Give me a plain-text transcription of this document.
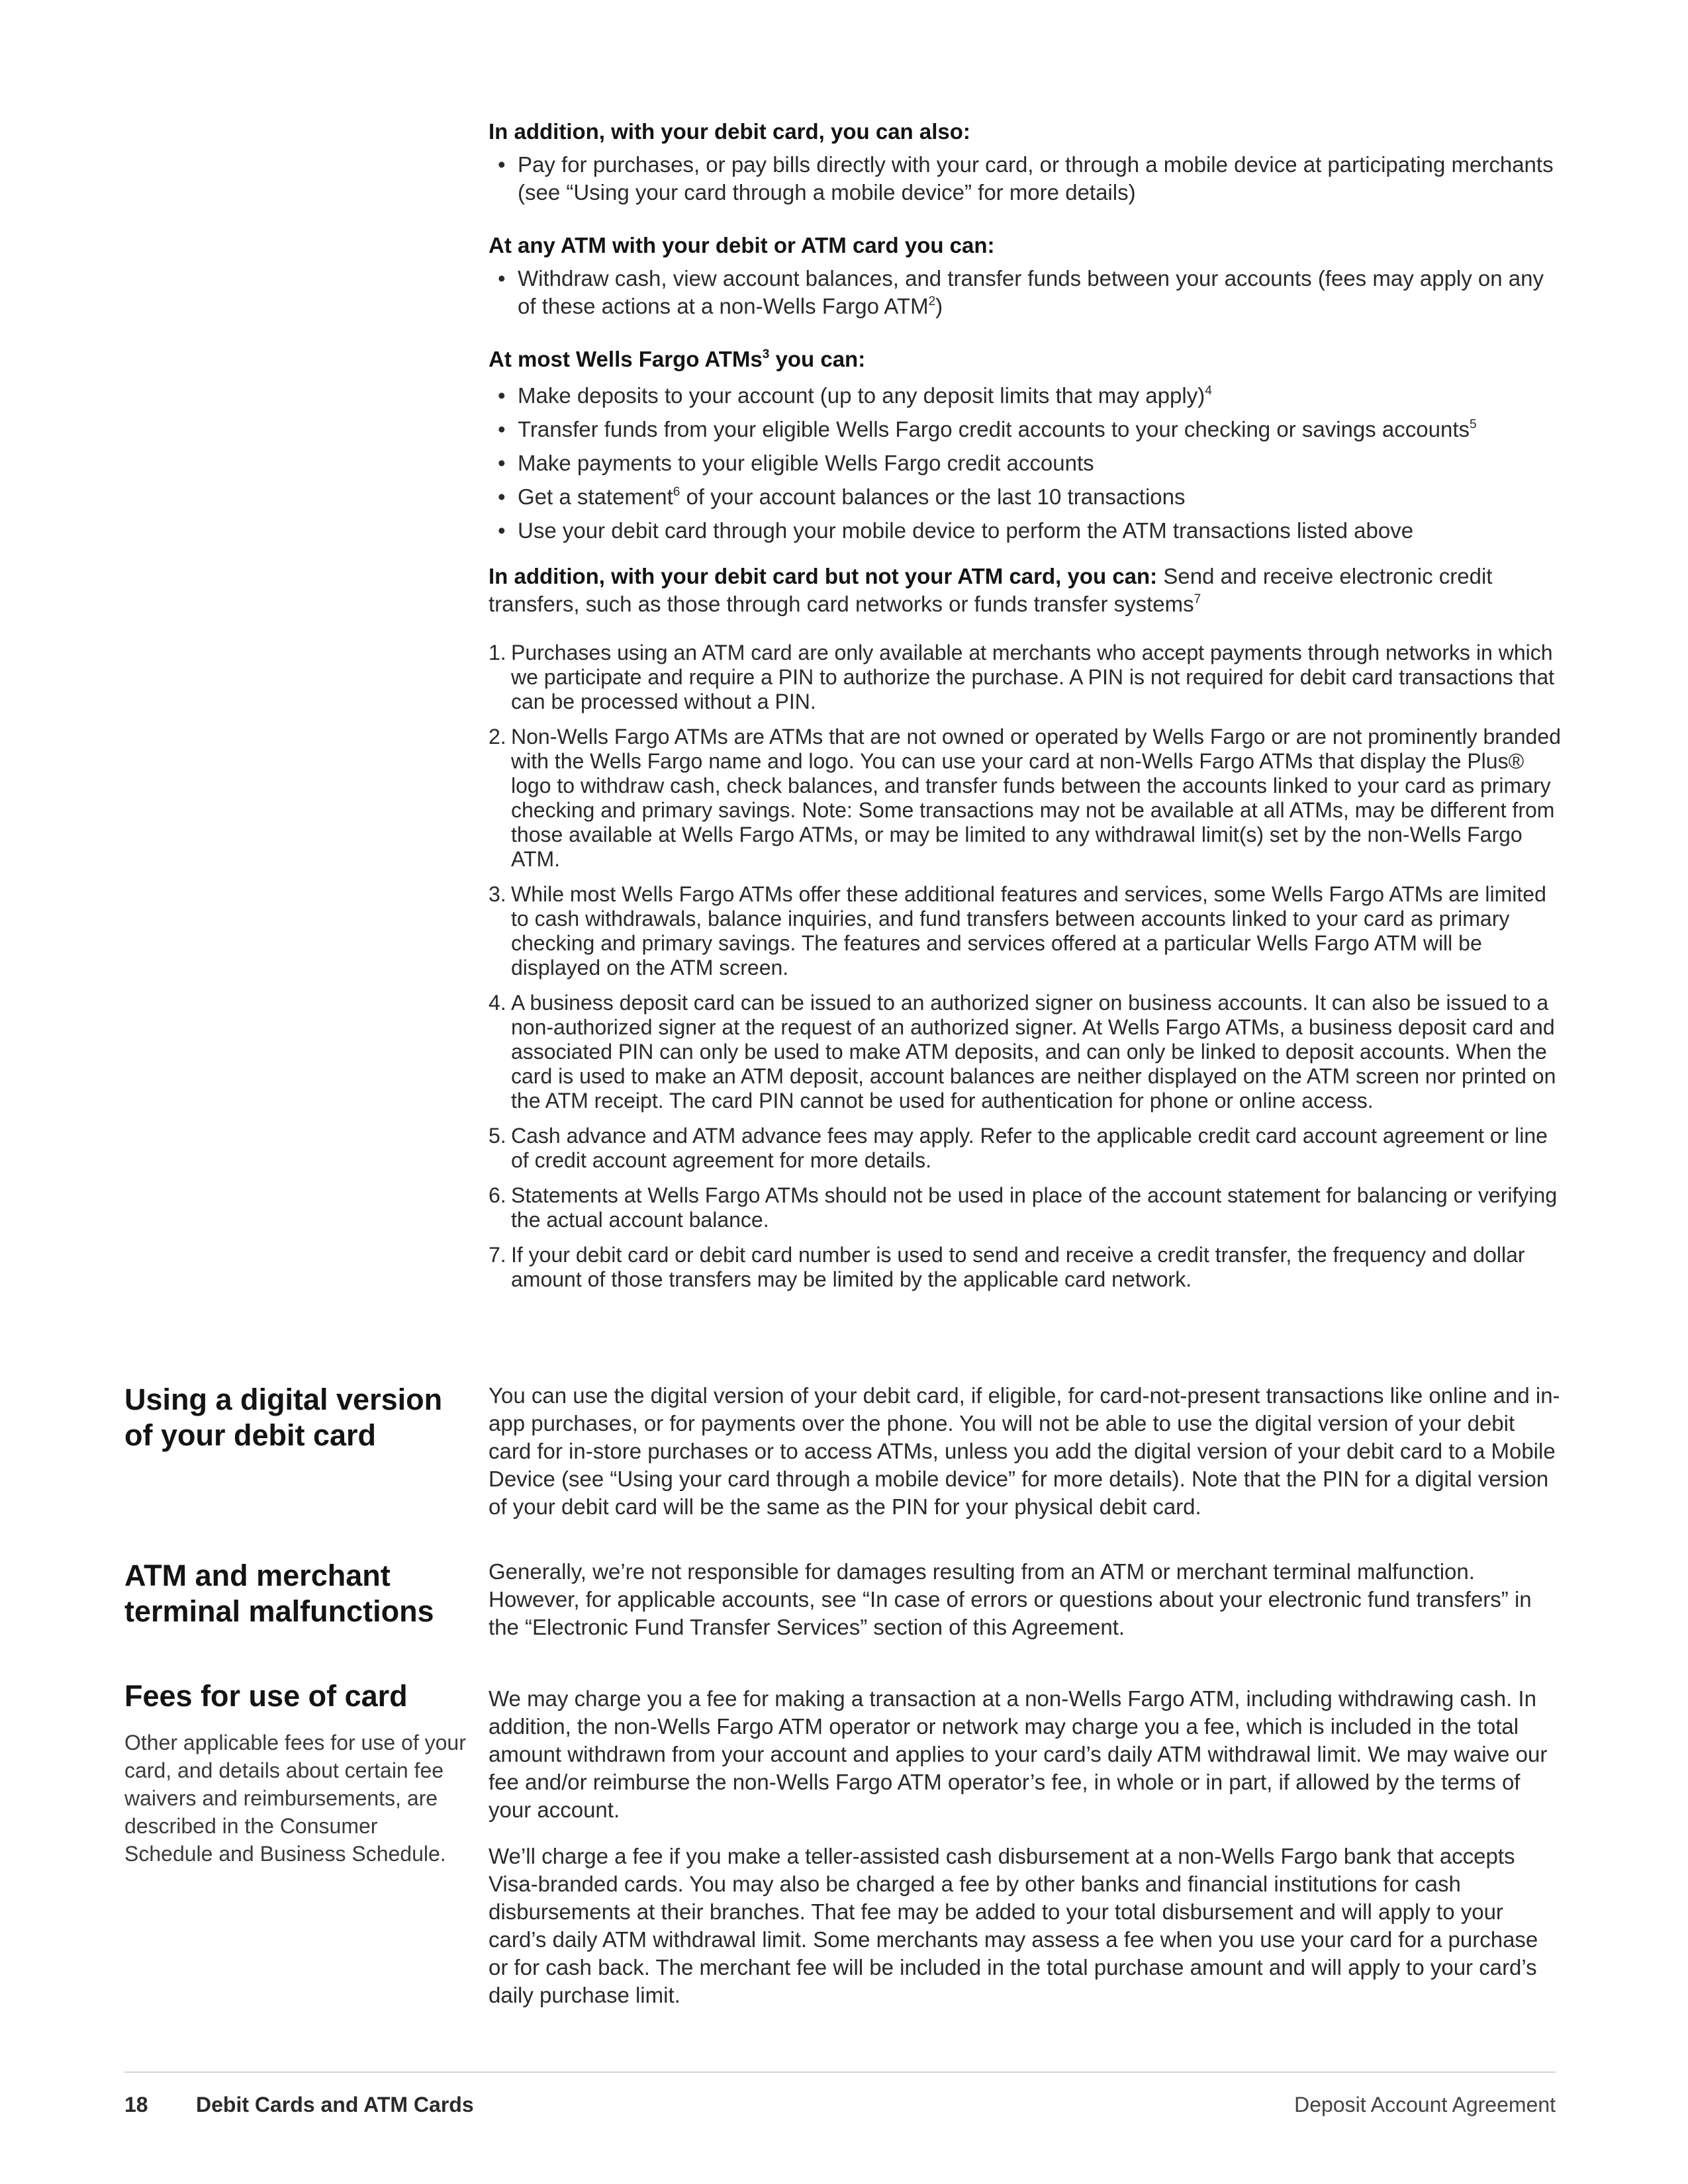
In addition, with your debit card, you can also:

• Pay for purchases, or pay bills directly with your card, or through a mobile device at participating merchants (see “Using your card through a mobile device” for more details)

At any ATM with your debit or ATM card you can:

• Withdraw cash, view account balances, and transfer funds between your accounts (fees may apply on any of these actions at a non-Wells Fargo ATM$^2$)

At most Wells Fargo ATMs$^3$ you can:

• Make deposits to your account (up to any deposit limits that may apply)$^4$
• Transfer funds from your eligible Wells Fargo credit accounts to your checking or savings accounts$^5$
• Make payments to your eligible Wells Fargo credit accounts
• Get a statement$^6$ of your account balances or the last 10 transactions
• Use your debit card through your mobile device to perform the ATM transactions listed above

In addition, with your debit card but not your ATM card, you can: Send and receive electronic credit transfers, such as those through card networks or funds transfer systems$^7$

1. Purchases using an ATM card are only available at merchants who accept payments through networks in which we participate and require a PIN to authorize the purchase. A PIN is not required for debit card transactions that can be processed without a PIN.
2. Non-Wells Fargo ATMs are ATMs that are not owned or operated by Wells Fargo or are not prominently branded with the Wells Fargo name and logo. You can use your card at non-Wells Fargo ATMs that display the Plus® logo to withdraw cash, check balances, and transfer funds between the accounts linked to your card as primary checking and primary savings. Note: Some transactions may not be available at all ATMs, may be different from those available at Wells Fargo ATMs, or may be limited to any withdrawal limit(s) set by the non-Wells Fargo ATM.
3. While most Wells Fargo ATMs offer these additional features and services, some Wells Fargo ATMs are limited to cash withdrawals, balance inquiries, and fund transfers between accounts linked to your card as primary checking and primary savings. The features and services offered at a particular Wells Fargo ATM will be displayed on the ATM screen.
4. A business deposit card can be issued to an authorized signer on business accounts. It can also be issued to a non-authorized signer at the request of an authorized signer. At Wells Fargo ATMs, a business deposit card and associated PIN can only be used to make ATM deposits, and can only be linked to deposit accounts. When the card is used to make an ATM deposit, account balances are neither displayed on the ATM screen nor printed on the ATM receipt. The card PIN cannot be used for authentication for phone or online access.
5. Cash advance and ATM advance fees may apply. Refer to the applicable credit card account agreement or line of credit account agreement for more details.
6. Statements at Wells Fargo ATMs should not be used in place of the account statement for balancing or verifying the actual account balance.
7. If your debit card or debit card number is used to send and receive a credit transfer, the frequency and dollar amount of those transfers may be limited by the applicable card network.
Using a digital version of your debit card

You can use the digital version of your debit card, if eligible, for card-not-present transactions like online and in-app purchases, or for payments over the phone. You will not be able to use the digital version of your debit card for in-store purchases or to access ATMs, unless you add the digital version of your debit card to a Mobile Device (see “Using your card through a mobile device” for more details). Note that the PIN for a digital version of your debit card will be the same as the PIN for your physical debit card.

ATM and merchant terminal malfunctions

Generally, we’re not responsible for damages resulting from an ATM or merchant terminal malfunction. However, for applicable accounts, see “In case of errors or questions about your electronic fund transfers” in the “Electronic Fund Transfer Services” section of this Agreement.

Fees for use of card

Other applicable fees for use of your card, and details about certain fee waivers and reimbursements, are described in the Consumer Schedule and Business Schedule.

We may charge you a fee for making a transaction at a non-Wells Fargo ATM, including withdrawing cash. In addition, the non-Wells Fargo ATM operator or network may charge you a fee, which is included in the total amount withdrawn from your account and applies to your card’s daily ATM withdrawal limit. We may waive our fee and/or reimburse the non-Wells Fargo ATM operator’s fee, in whole or in part, if allowed by the terms of your account.

We’ll charge a fee if you make a teller-assisted cash disbursement at a non-Wells Fargo bank that accepts Visa-branded cards. You may also be charged a fee by other banks and financial institutions for cash disbursements at their branches. That fee may be added to your total disbursement and will apply to your card’s daily ATM withdrawal limit. Some merchants may assess a fee when you use your card for a purchase or for cash back. The merchant fee will be included in the total purchase amount and will apply to your card’s daily purchase limit.

18 Debit Cards and ATM Cards	Deposit Account Agreement
